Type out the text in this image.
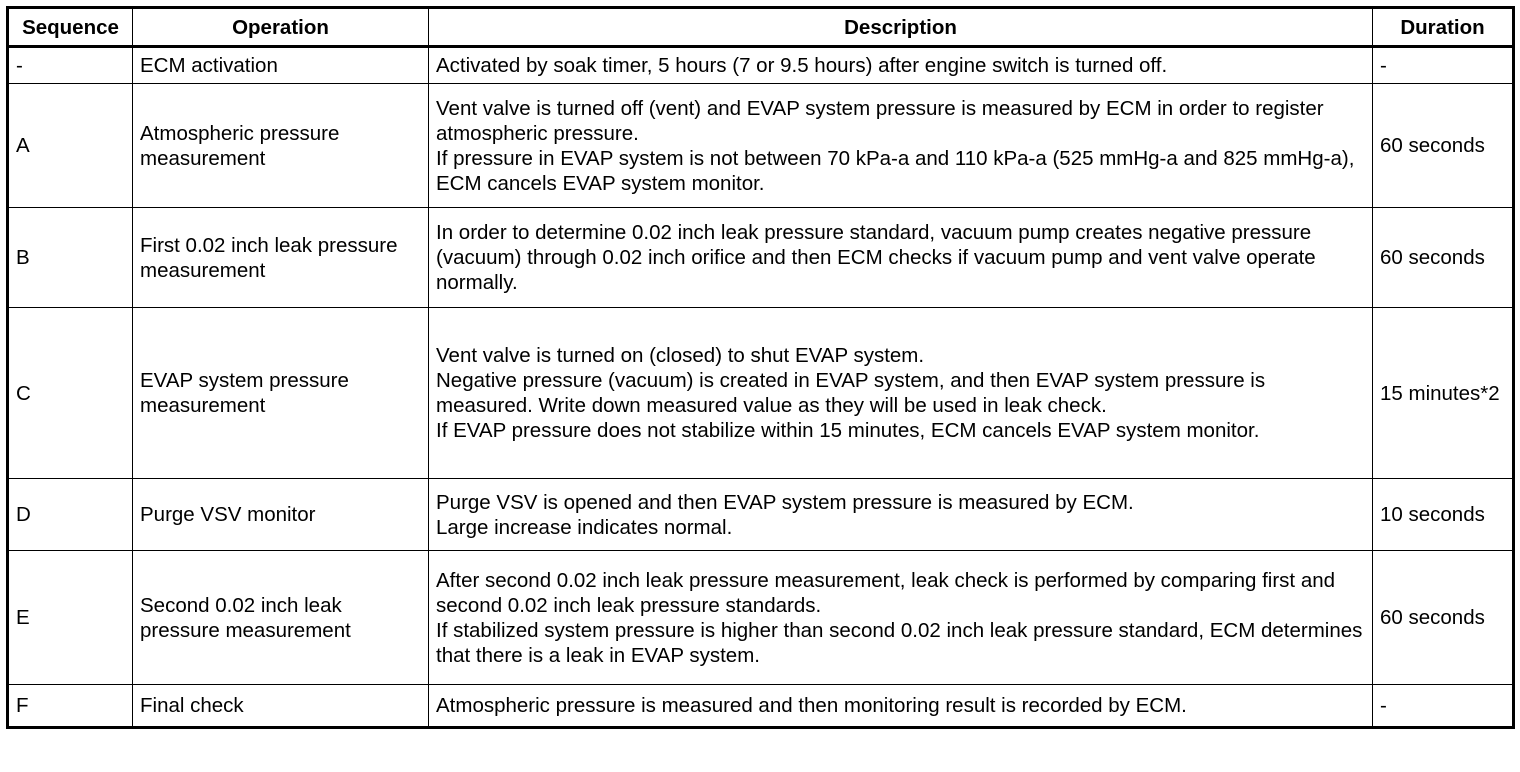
Sequence	Operation	Description	Duration
-	ECM activation	Activated by soak timer, 5 hours (7 or 9.5 hours) after engine switch is turned off.	-
A	Atmospheric pressure measurement	Vent valve is turned off (vent) and EVAP system pressure is measured by ECM in order to register atmospheric pressure.
If pressure in EVAP system is not between 70 kPa-a and 110 kPa-a (525 mmHg-a and 825 mmHg-a), ECM cancels EVAP system monitor.	60 seconds
B	First 0.02 inch leak pressure measurement	In order to determine 0.02 inch leak pressure standard, vacuum pump creates negative pressure (vacuum) through 0.02 inch orifice and then ECM checks if vacuum pump and vent valve operate normally.	60 seconds
C	EVAP system pressure measurement	Vent valve is turned on (closed) to shut EVAP system.
Negative pressure (vacuum) is created in EVAP system, and then EVAP system pressure is measured. Write down measured value as they will be used in leak check.
If EVAP pressure does not stabilize within 15 minutes, ECM cancels EVAP system monitor.	15 minutes*2
D	Purge VSV monitor	Purge VSV is opened and then EVAP system pressure is measured by ECM.
Large increase indicates normal.	10 seconds
E	Second 0.02 inch leak pressure measurement	After second 0.02 inch leak pressure measurement, leak check is performed by comparing first and second 0.02 inch leak pressure standards.
If stabilized system pressure is higher than second 0.02 inch leak pressure standard, ECM determines that there is a leak in EVAP system.	60 seconds
F	Final check	Atmospheric pressure is measured and then monitoring result is recorded by ECM.	-
